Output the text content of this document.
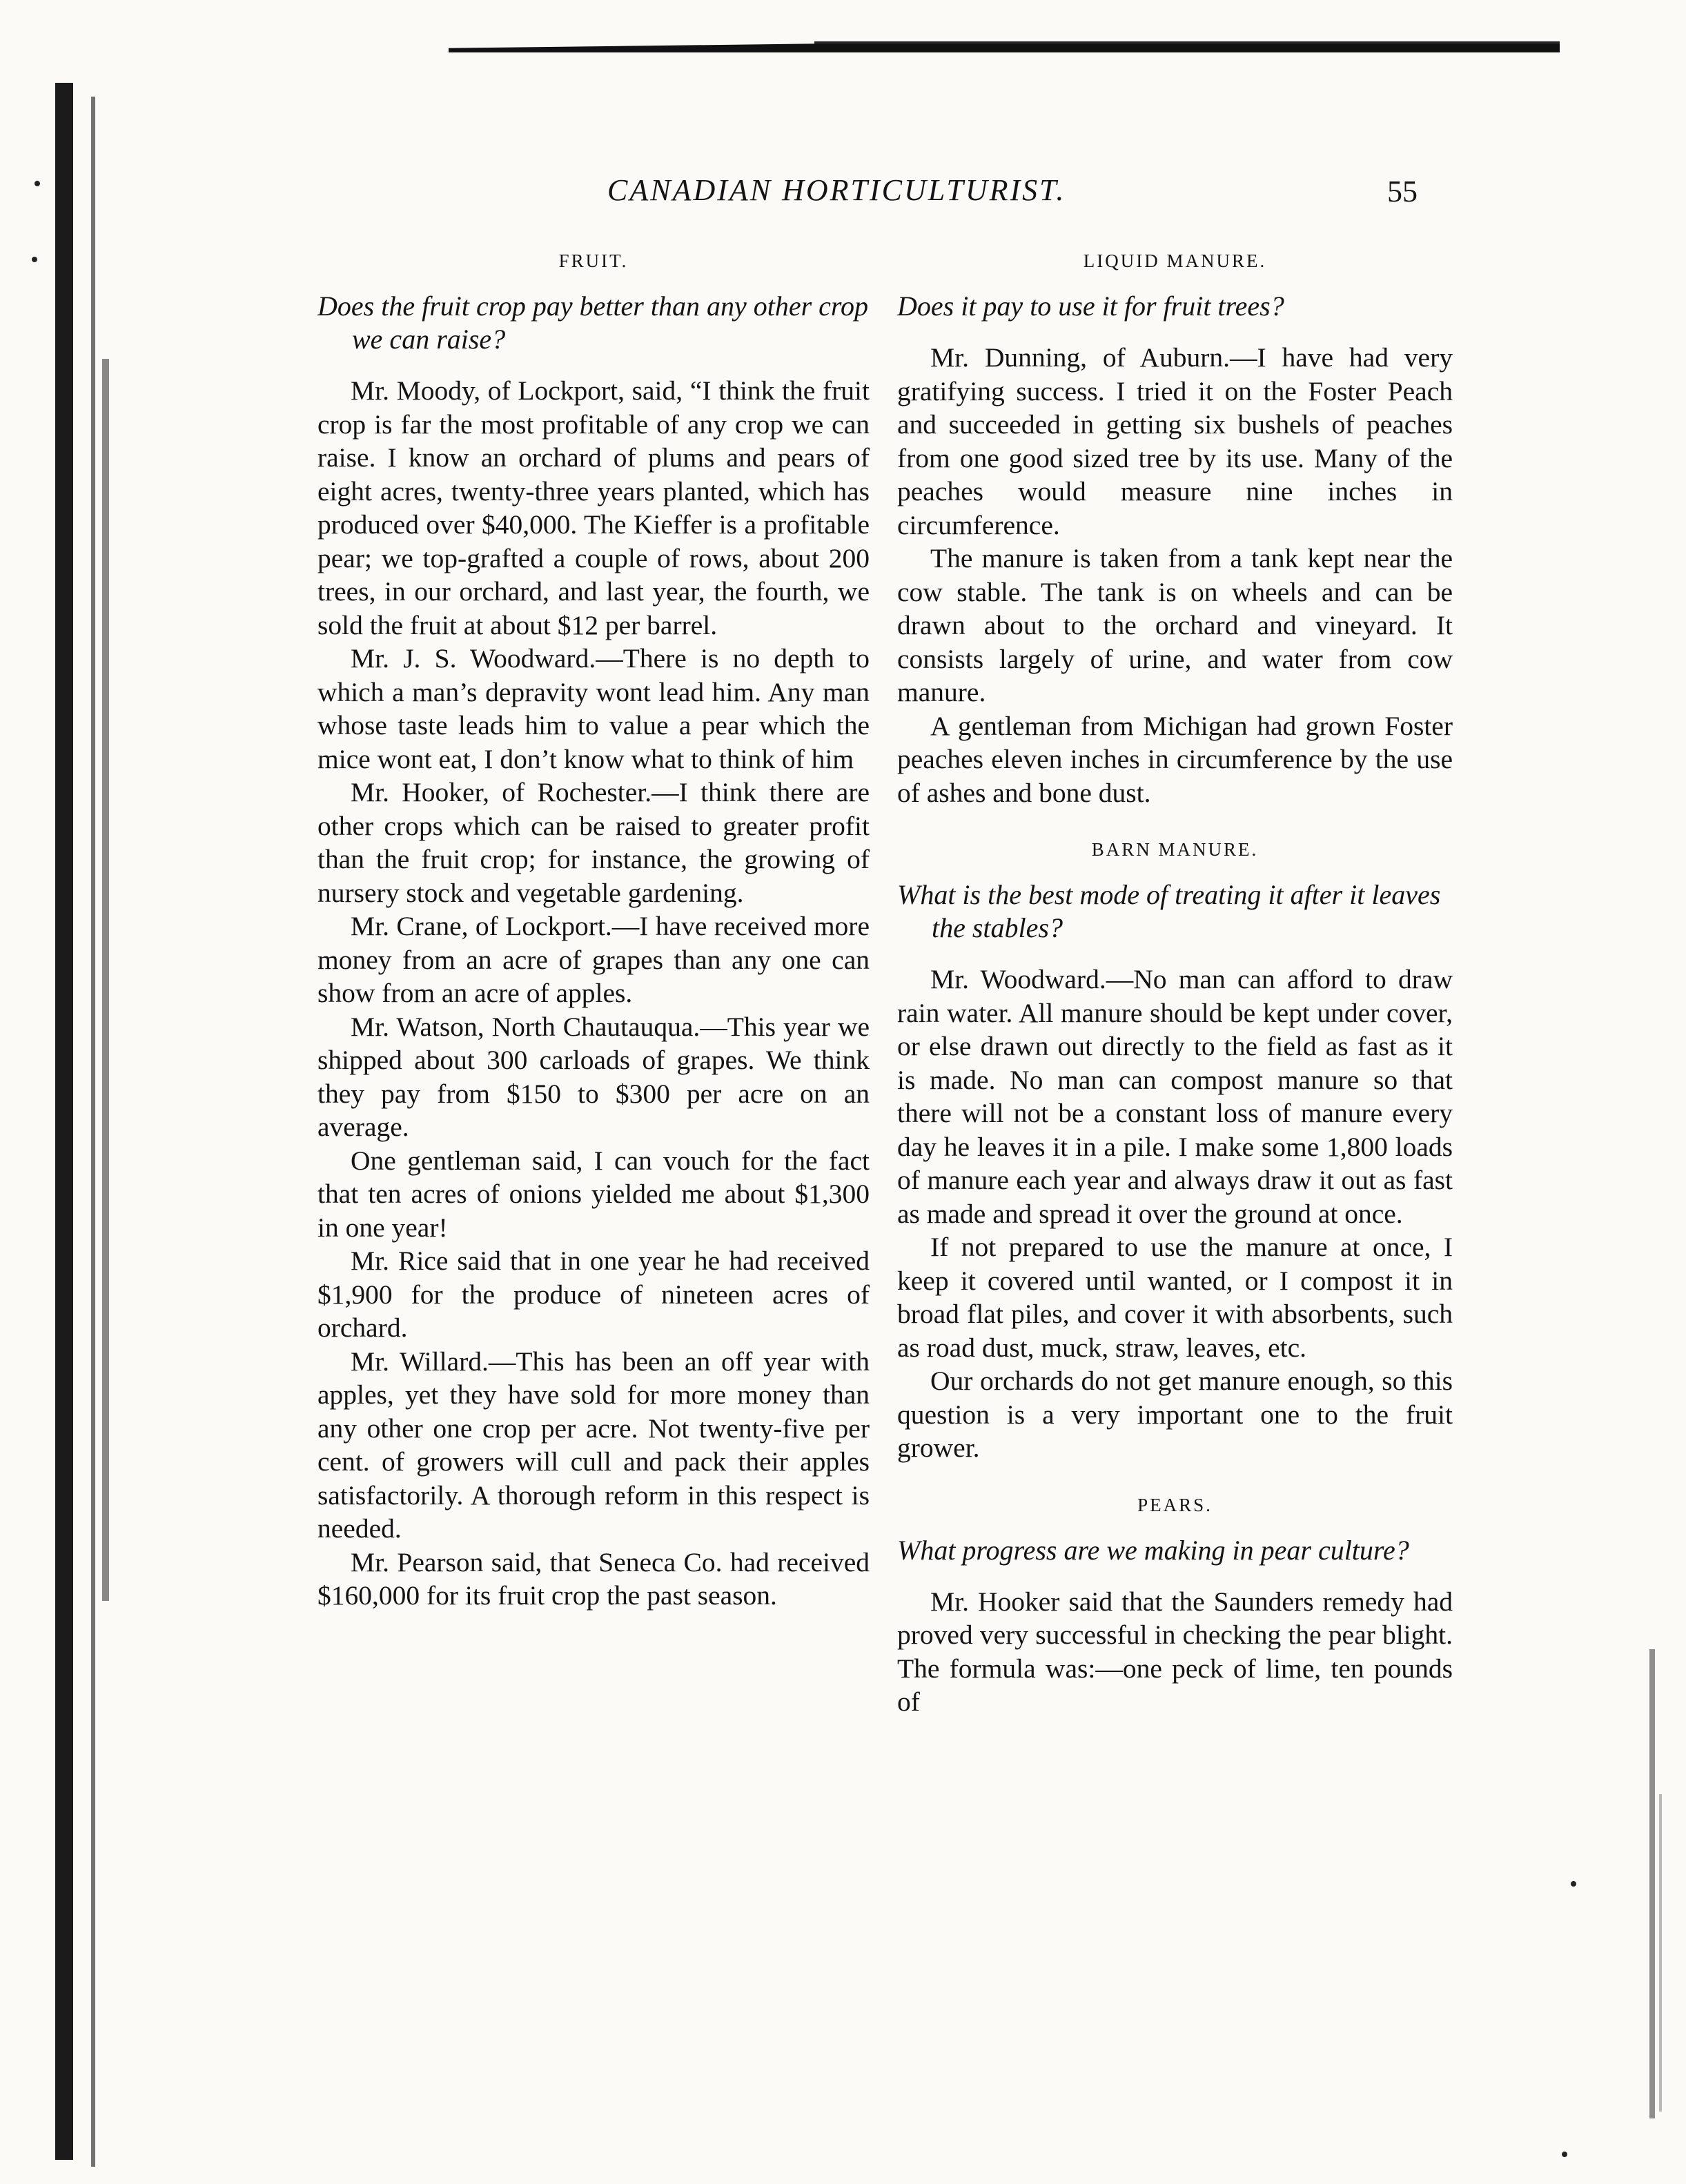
CANADIAN HORTICULTURIST.	55
FRUIT.
Does the fruit crop pay better than any other crop we can raise?

Mr. Moody, of Lockport, said, “I think the fruit crop is far the most profitable of any crop we can raise. I know an orchard of plums and pears of eight acres, twenty-three years planted, which has produced over $40,000. The Kieffer is a profitable pear; we top-grafted a couple of rows, about 200 trees, in our orchard, and last year, the fourth, we sold the fruit at about $12 per barrel.

Mr. J. S. Woodward.—There is no depth to which a man’s depravity wont lead him. Any man whose taste leads him to value a pear which the mice wont eat, I don’t know what to think of him

Mr. Hooker, of Rochester.—I think there are other crops which can be raised to greater profit than the fruit crop; for instance, the growing of nursery stock and vegetable gardening.

Mr. Crane, of Lockport.—I have received more money from an acre of grapes than any one can show from an acre of apples.

Mr. Watson, North Chautauqua.—This year we shipped about 300 carloads of grapes. We think they pay from $150 to $300 per acre on an average.

One gentleman said, I can vouch for the fact that ten acres of onions yielded me about $1,300 in one year!

Mr. Rice said that in one year he had received $1,900 for the produce of nineteen acres of orchard.

Mr. Willard.—This has been an off year with apples, yet they have sold for more money than any other one crop per acre. Not twenty-five per cent. of growers will cull and pack their apples satisfactorily. A thorough reform in this respect is needed.

Mr. Pearson said, that Seneca Co. had received $160,000 for its fruit crop the past season.

LIQUID MANURE.
Does it pay to use it for fruit trees?

Mr. Dunning, of Auburn.—I have had very gratifying success. I tried it on the Foster Peach and succeeded in getting six bushels of peaches from one good sized tree by its use. Many of the peaches would measure nine inches in circumference.

The manure is taken from a tank kept near the cow stable. The tank is on wheels and can be drawn about to the orchard and vineyard. It consists largely of urine, and water from cow manure.

A gentleman from Michigan had grown Foster peaches eleven inches in circumference by the use of ashes and bone dust.

BARN MANURE.
What is the best mode of treating it after it leaves the stables?

Mr. Woodward.—No man can afford to draw rain water. All manure should be kept under cover, or else drawn out directly to the field as fast as it is made. No man can compost manure so that there will not be a constant loss of manure every day he leaves it in a pile. I make some 1,800 loads of manure each year and always draw it out as fast as made and spread it over the ground at once.

If not prepared to use the manure at once, I keep it covered until wanted, or I compost it in broad flat piles, and cover it with absorbents, such as road dust, muck, straw, leaves, etc.

Our orchards do not get manure enough, so this question is a very important one to the fruit grower.

PEARS.
What progress are we making in pear culture?

Mr. Hooker said that the Saunders remedy had proved very successful in checking the pear blight. The formula was:—one peck of lime, ten pounds of
